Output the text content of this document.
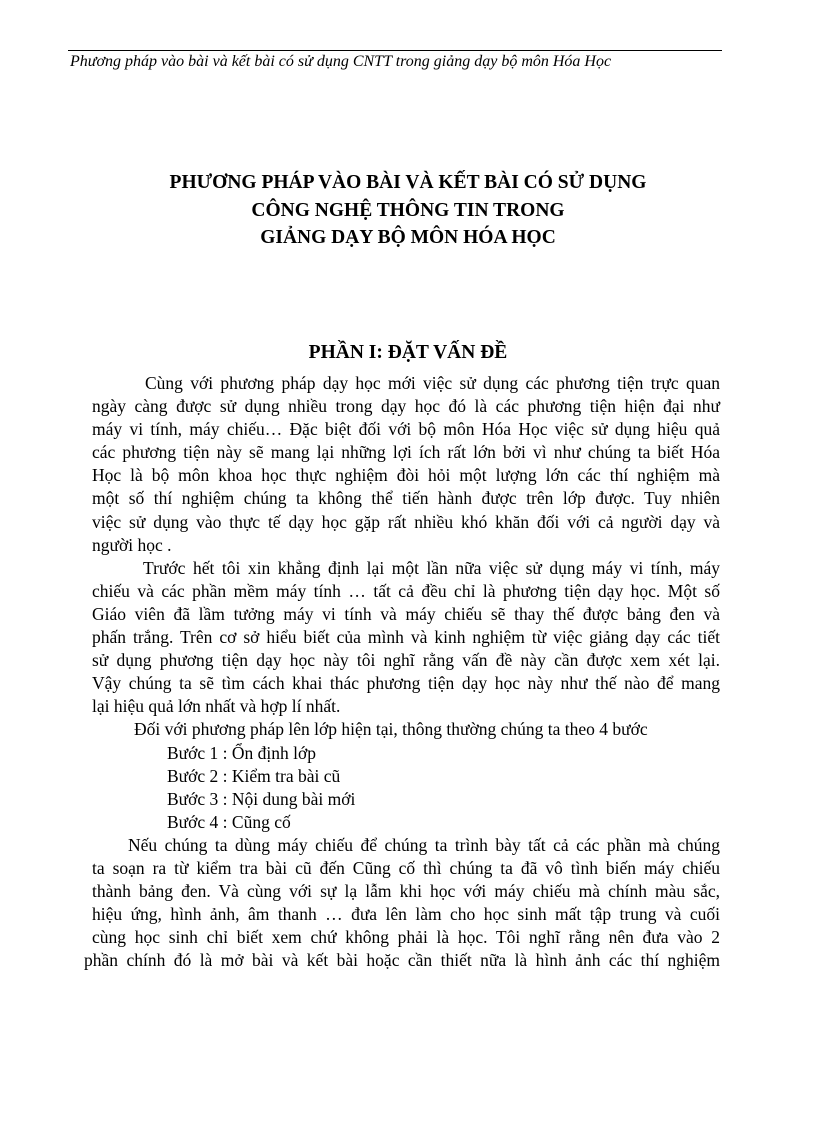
Phương pháp vào bài và kết bài có sử dụng CNTT trong giảng dạy bộ môn Hóa Học
PHƯƠNG PHÁP VÀO BÀI VÀ KẾT BÀI CÓ SỬ DỤNG
CÔNG NGHỆ THÔNG TIN TRONG
GIẢNG DẠY BỘ MÔN HÓA HỌC
PHẦN I: ĐẶT VẤN ĐỀ
Cùng với phương pháp dạy học mới việc sử dụng các phương tiện trực quan
ngày càng được sử dụng nhiều trong dạy học đó là các phương tiện hiện đại như
máy vi tính, máy chiếu… Đặc biệt đối với bộ môn Hóa Học việc sử dụng hiệu quả
các phương tiện này sẽ mang lại những lợi ích rất lớn bởi vì như chúng ta biết Hóa
Học là bộ môn khoa học thực nghiệm đòi hỏi một lượng lớn các thí nghiệm mà
một số thí nghiệm chúng ta không thể tiến hành được trên lớp được. Tuy nhiên
việc sử dụng vào thực tế dạy học gặp rất nhiều khó khăn đối với cả người dạy và
người học .
Trước hết tôi xin khẳng định lại một lần nữa việc sử dụng máy vi tính, máy
chiếu và các phần mềm máy tính … tất cả đều chỉ là phương tiện dạy học. Một số
Giáo viên đã lầm tưởng máy vi tính và máy chiếu sẽ thay thế được bảng đen và
phấn trắng. Trên cơ sở hiểu biết của mình và kinh nghiệm từ việc giảng dạy các tiết
sử dụng phương tiện dạy học này tôi nghĩ rằng vấn đề này cần được xem xét lại.
Vậy chúng ta sẽ tìm cách khai thác phương tiện dạy học này như thế nào để mang
lại hiệu quả lớn nhất và hợp lí nhất.
Đối với phương pháp lên lớp hiện tại, thông thường chúng ta theo 4 bước
Bước 1 : Ổn định lớp
Bước 2 : Kiểm tra bài cũ
Bước 3 : Nội dung bài mới
Bước 4 : Cũng cố
Nếu chúng ta dùng máy chiếu để chúng ta trình bày tất cả các phần mà chúng
ta soạn ra từ kiểm tra bài cũ đến Cũng cố thì chúng ta đã vô tình biến máy chiếu
thành bảng đen. Và cùng với sự lạ lẫm khi học với máy chiếu mà chính màu sắc,
hiệu ứng, hình ảnh, âm thanh … đưa lên làm cho học sinh mất tập trung và cuối
cùng học sinh chỉ biết xem chứ không phải là học. Tôi nghĩ rằng nên đưa vào 2
phần chính đó là mở bài và kết bài hoặc cần thiết nữa là hình ảnh các thí nghiệm
